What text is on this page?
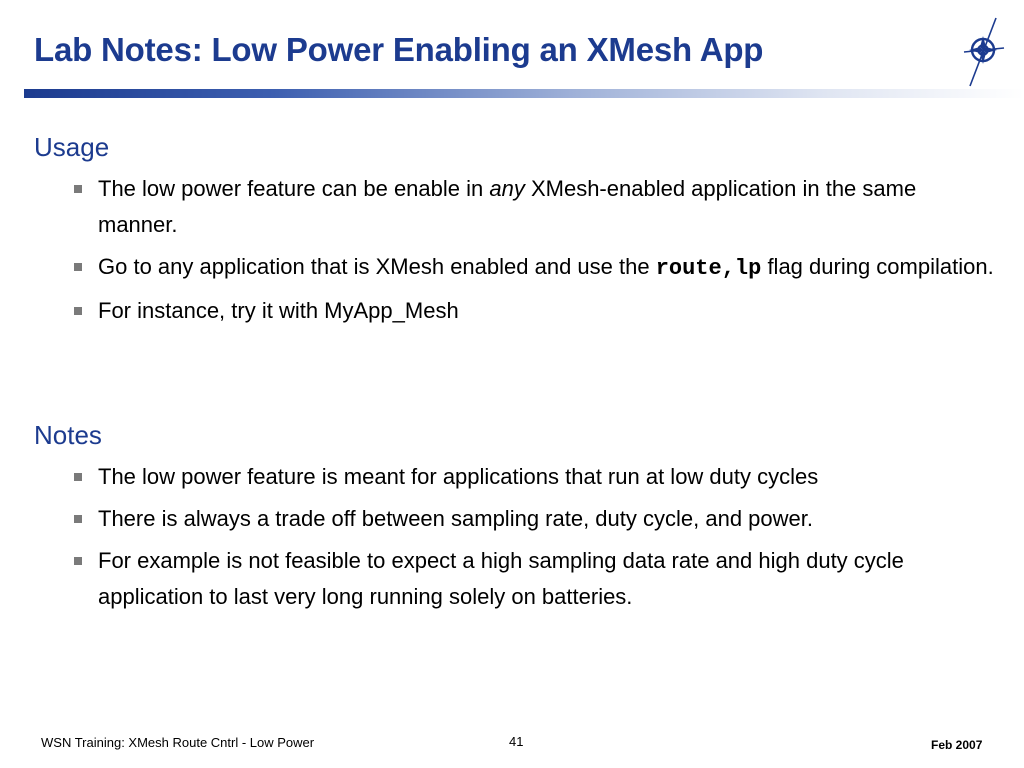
Lab Notes: Low Power Enabling an XMesh App
Usage
The low power feature can be enable in any XMesh-enabled application in the same manner.
Go to any application that is XMesh enabled and use the route,lp flag during compilation.
For instance, try it with MyApp_Mesh
Notes
The low power feature is meant for applications that run at low duty cycles
There is always a trade off between sampling rate, duty cycle, and power.
For example is not feasible to expect a high sampling data rate and high duty cycle application to last very long running solely on batteries.
WSN Training: XMesh Route Cntrl - Low Power	41	Feb 2007
